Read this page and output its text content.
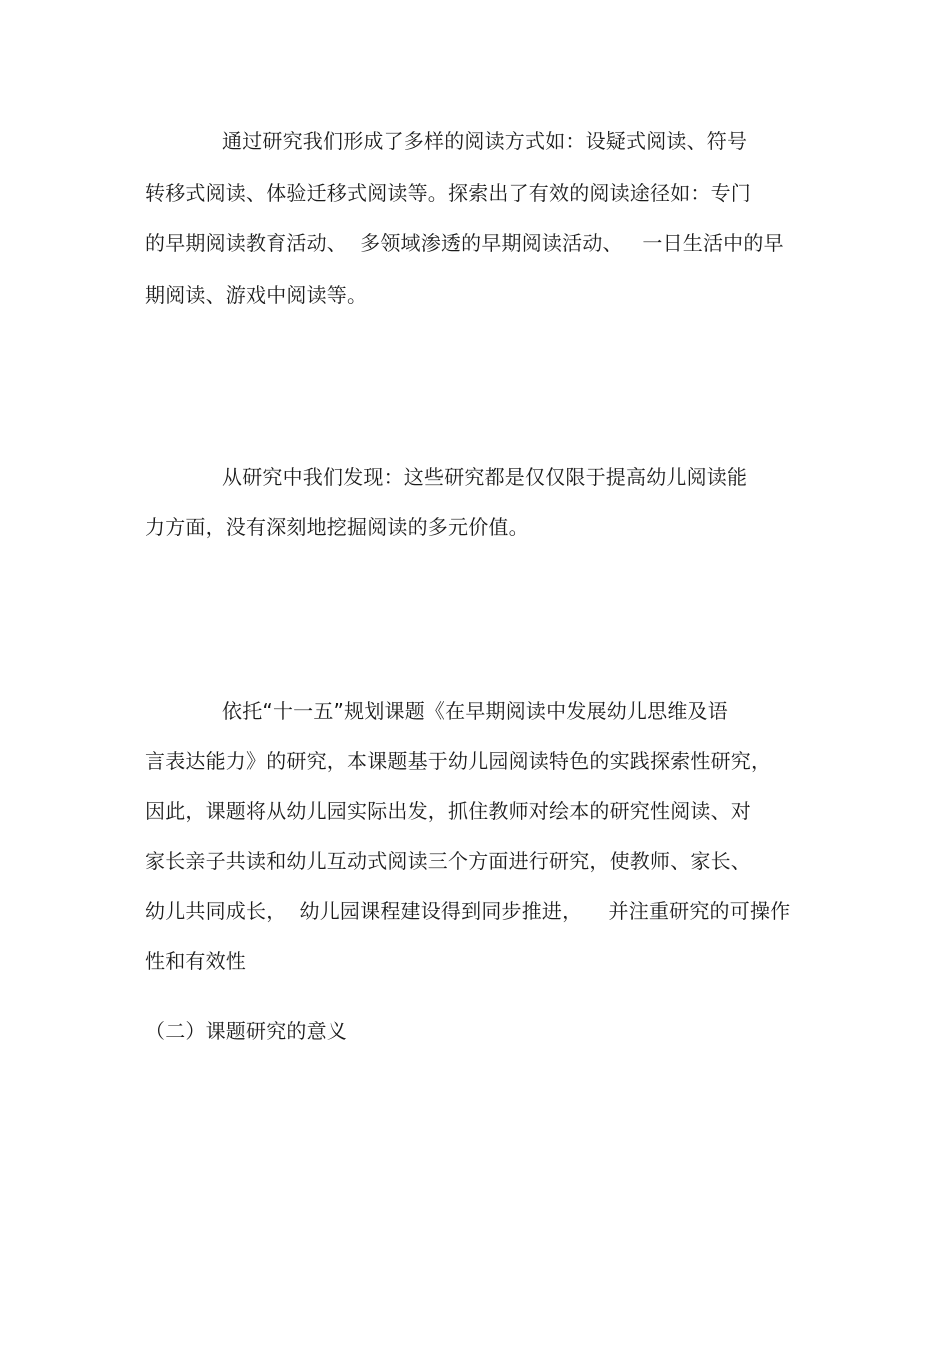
通过研究我们形成了多样的阅读方式如：设疑式阅读、符号
转移式阅读、体验迁移式阅读等。探索出了有效的阅读途径如：专门
的早期阅读教育活动、  多领域渗透的早期阅读活动、   一日生活中的早
期阅读、游戏中阅读等。
从研究中我们发现：这些研究都是仅仅限于提高幼儿阅读能
力方面，没有深刻地挖掘阅读的多元价值。
依托“十一五”规划课题《在早期阅读中发展幼儿思维及语
言表达能力》的研究，本课题基于幼儿园阅读特色的实践探索性研究，
因此，课题将从幼儿园实际出发，抓住教师对绘本的研究性阅读、对
家长亲子共读和幼儿互动式阅读三个方面进行研究，使教师、家长、
幼儿共同成长，  幼儿园课程建设得到同步推进，    并注重研究的可操作
性和有效性
（二）课题研究的意义
